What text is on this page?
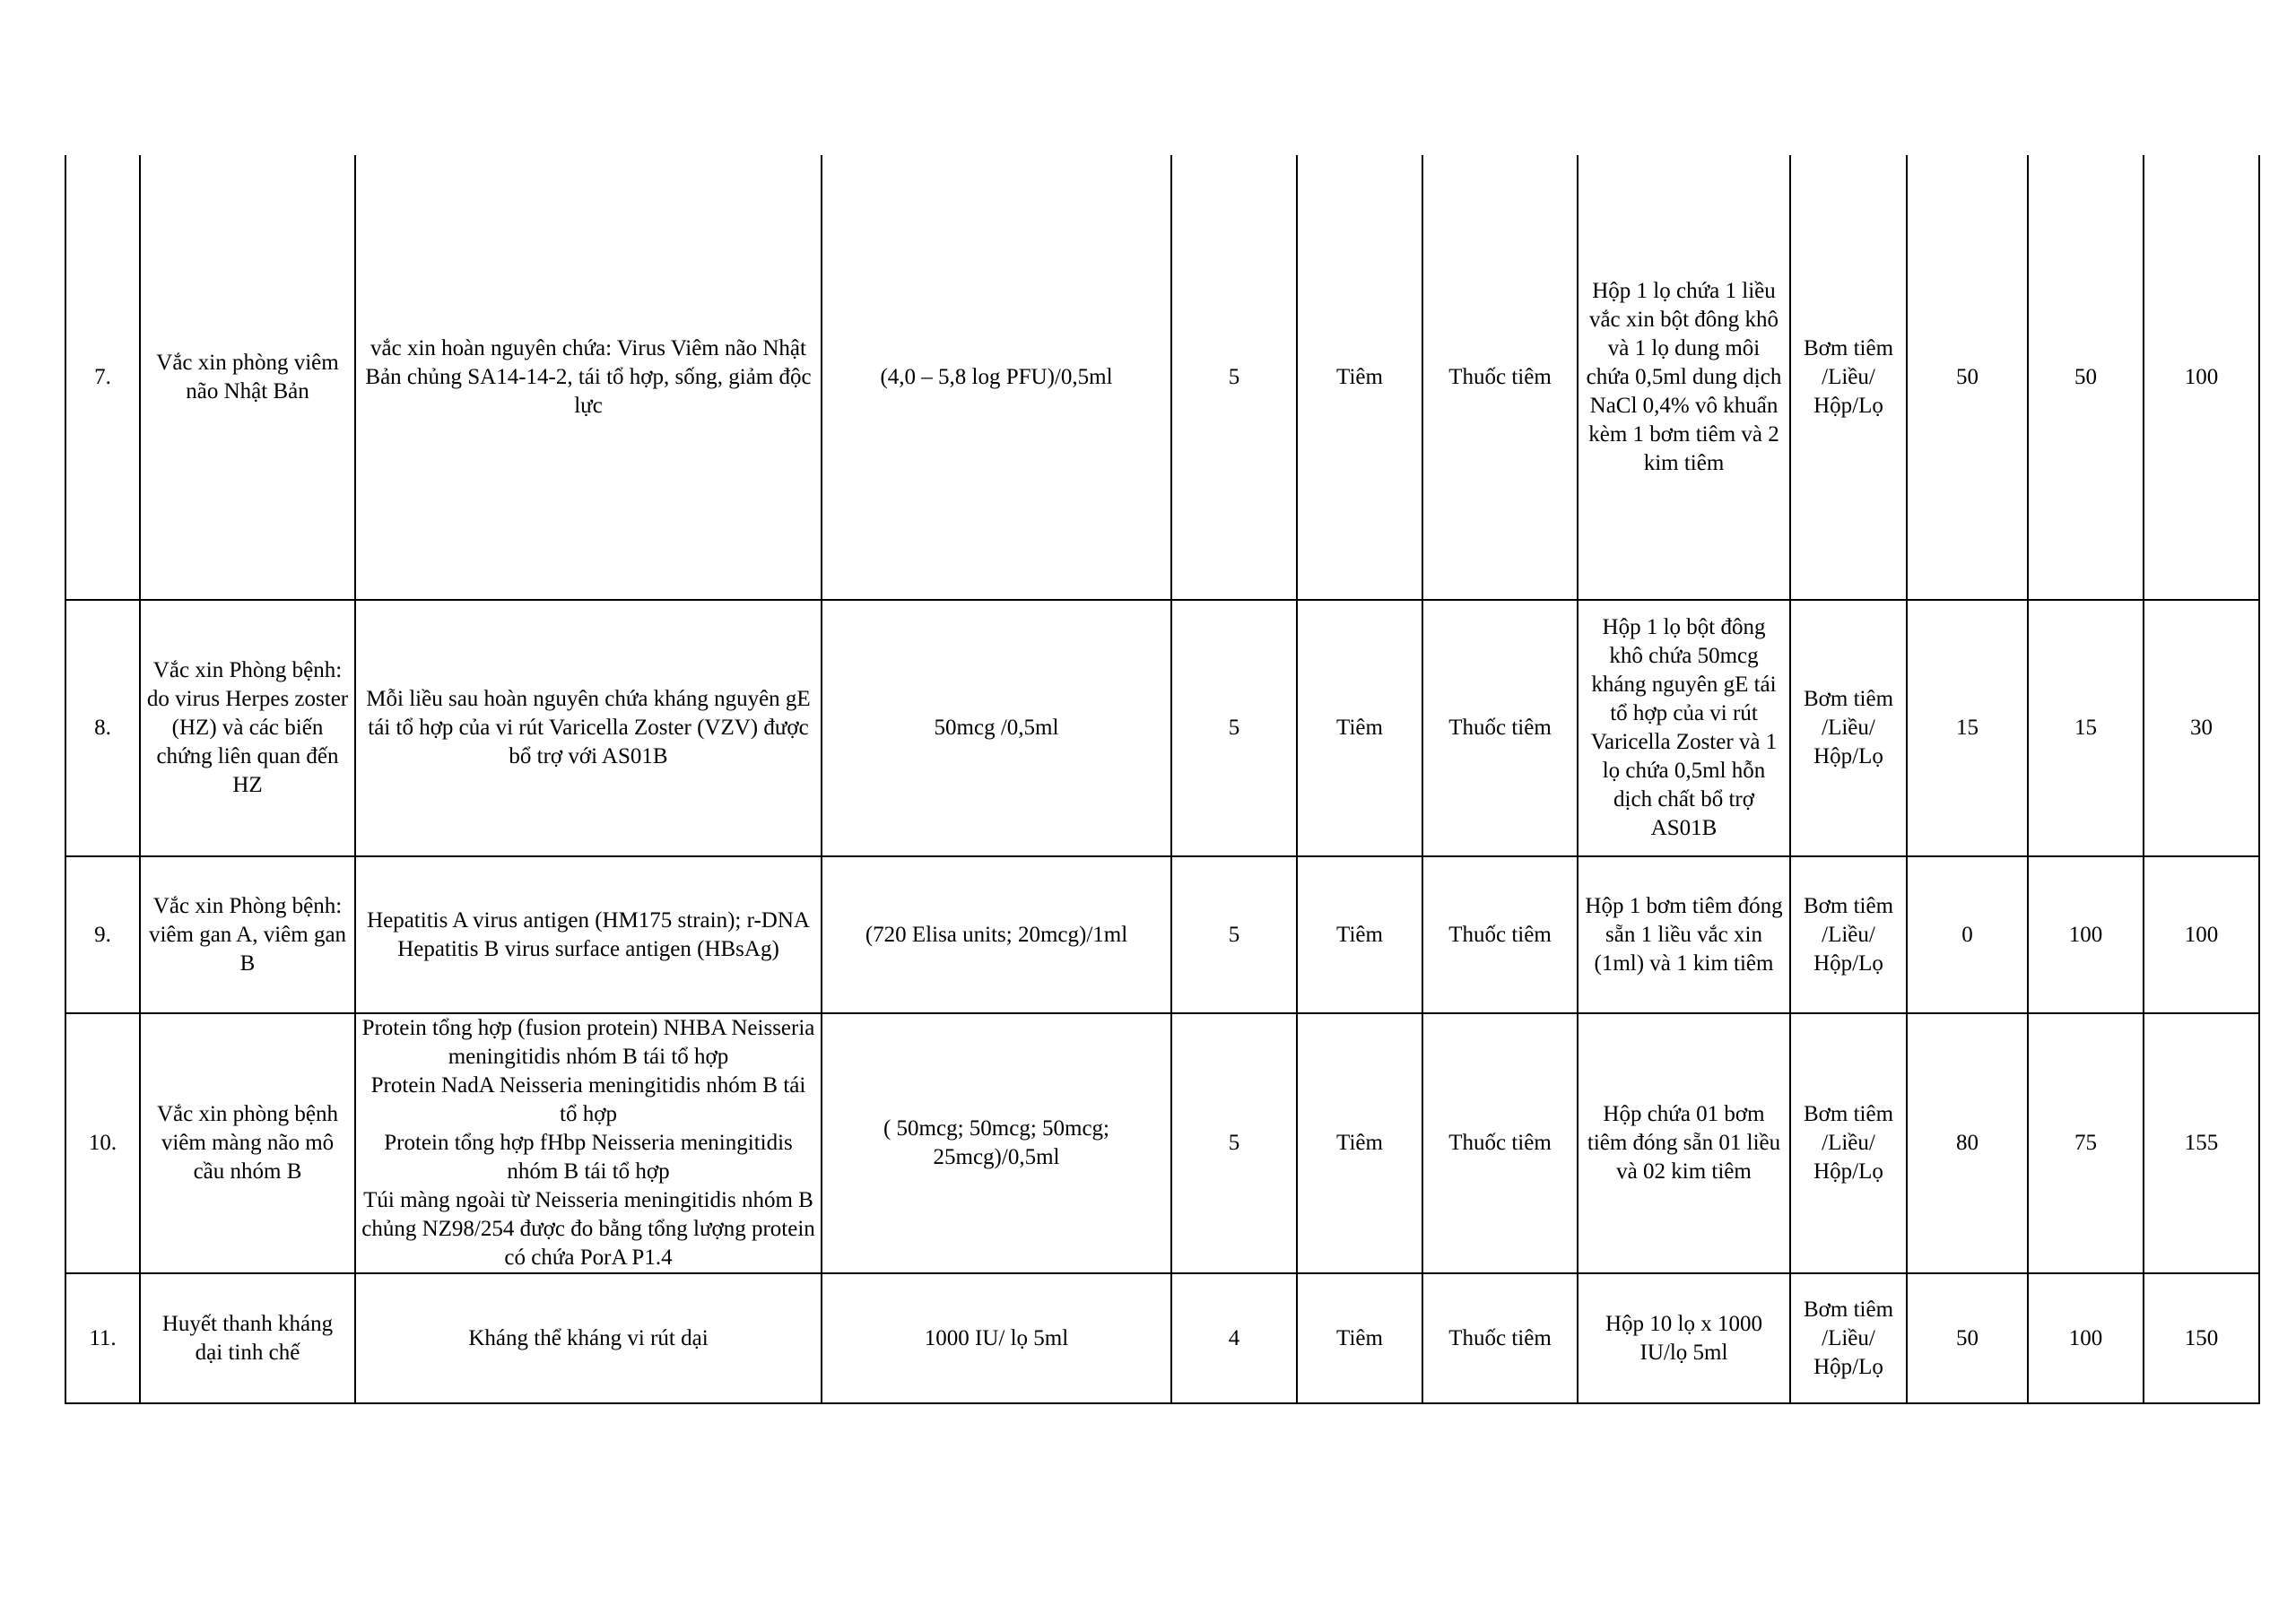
7.	Vắc xin phòng viêm não Nhật Bản	vắc xin hoàn nguyên chứa: Virus Viêm não Nhật Bản chủng SA14-14-2, tái tổ hợp, sống, giảm độc lực	(4,0 – 5,8 log PFU)/0,5ml	5	Tiêm	Thuốc tiêm	Hộp 1 lọ chứa 1 liều vắc xin bột đông khô và 1 lọ dung môi chứa 0,5ml dung dịch NaCl 0,4% vô khuẩn kèm 1 bơm tiêm và 2 kim tiêm	Bơm tiêm /Liều/ Hộp/Lọ	50	50	100
8.	Vắc xin Phòng bệnh: do virus Herpes zoster (HZ) và các biến chứng liên quan đến HZ	Mỗi liều sau hoàn nguyên chứa kháng nguyên gE tái tổ hợp của vi rút Varicella Zoster (VZV) được bổ trợ với AS01B	50mcg /0,5ml	5	Tiêm	Thuốc tiêm	Hộp 1 lọ bột đông khô chứa 50mcg kháng nguyên gE tái tổ hợp của vi rút Varicella Zoster và 1 lọ chứa 0,5ml hỗn dịch chất bổ trợ AS01B	Bơm tiêm /Liều/ Hộp/Lọ	15	15	30
9.	Vắc xin Phòng bệnh: viêm gan A, viêm gan B	Hepatitis A virus antigen (HM175 strain); r-DNA Hepatitis B virus surface antigen (HBsAg)	(720 Elisa units; 20mcg)/1ml	5	Tiêm	Thuốc tiêm	Hộp 1 bơm tiêm đóng sẵn 1 liều vắc xin (1ml) và 1 kim tiêm	Bơm tiêm /Liều/ Hộp/Lọ	0	100	100
10.	Vắc xin phòng bệnh viêm màng não mô cầu nhóm B	Protein tổng hợp (fusion protein) NHBA Neisseria meningitidis nhóm B tái tổ hợp
Protein NadA Neisseria meningitidis nhóm B tái tổ hợp
Protein tổng hợp fHbp Neisseria meningitidis nhóm B tái tổ hợp
Túi màng ngoài từ Neisseria meningitidis nhóm B chủng NZ98/254 được đo bằng tổng lượng protein có chứa PorA P1.4	( 50mcg; 50mcg; 50mcg; 25mcg)/0,5ml	5	Tiêm	Thuốc tiêm	Hộp chứa 01 bơm tiêm đóng sẵn 01 liều và 02 kim tiêm	Bơm tiêm /Liều/ Hộp/Lọ	80	75	155
11.	Huyết thanh kháng dại tinh chế	Kháng thể kháng vi rút dại	1000 IU/ lọ 5ml	4	Tiêm	Thuốc tiêm	Hộp 10 lọ x 1000 IU/lọ 5ml	Bơm tiêm /Liều/ Hộp/Lọ	50	100	150
